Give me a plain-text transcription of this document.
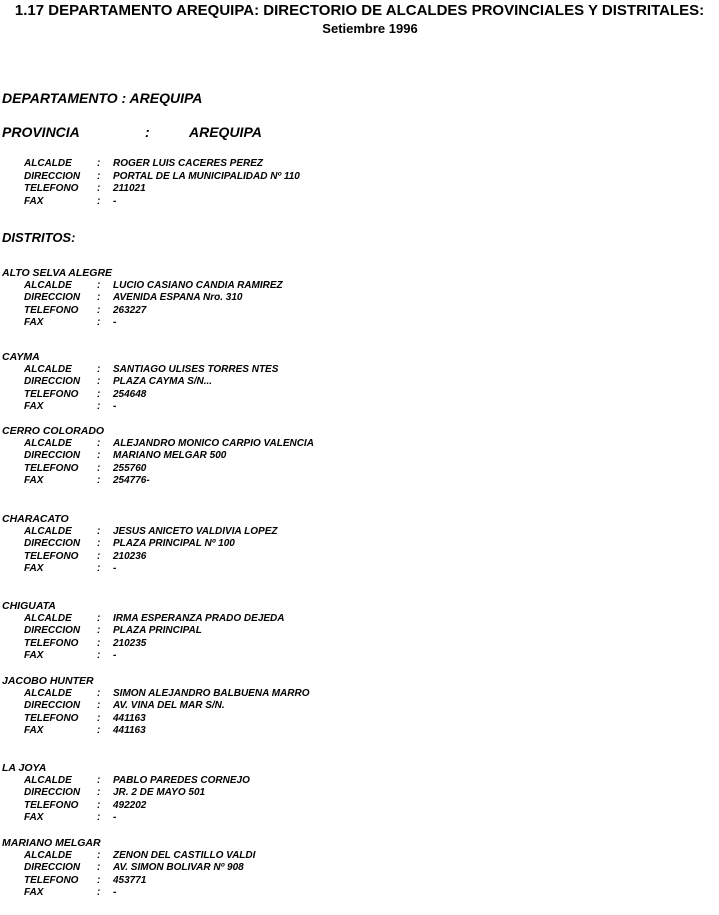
1.17 DEPARTAMENTO AREQUIPA: DIRECTORIO DE ALCALDES PROVINCIALES Y DISTRITALES:
Setiembre 1996
DEPARTAMENTO : AREQUIPA
PROVINCIA	:	AREQUIPA
ALCALDE	: ROGER LUIS CACERES PEREZ
DIRECCION : PORTAL DE LA MUNICIPALIDAD Nº 110
TELEFONO : 211021
FAX	: -
DISTRITOS:
ALTO SELVA ALEGRE
ALCALDE	: LUCIO CASIANO CANDIA RAMIREZ
DIRECCION : AVENIDA ESPANA Nro. 310
TELEFONO : 263227
FAX	: -
CAYMA
ALCALDE	: SANTIAGO ULISES TORRES NTES
DIRECCION : PLAZA CAYMA S/N...
TELEFONO : 254648
FAX	: -
CERRO COLORADO
ALCALDE	: ALEJANDRO MONICO CARPIO VALENCIA
DIRECCION : MARIANO MELGAR 500
TELEFONO : 255760
FAX	: 254776-
CHARACATO
ALCALDE	: JESUS ANICETO VALDIVIA LOPEZ
DIRECCION : PLAZA PRINCIPAL Nº 100
TELEFONO : 210236
FAX	: -
CHIGUATA
ALCALDE	: IRMA ESPERANZA PRADO DEJEDA
DIRECCION : PLAZA PRINCIPAL
TELEFONO : 210235
FAX	: -
JACOBO HUNTER
ALCALDE	: SIMON ALEJANDRO BALBUENA MARRO
DIRECCION : AV. VINA DEL MAR S/N.
TELEFONO : 441163
FAX	: 441163
LA JOYA
ALCALDE	: PABLO PAREDES CORNEJO
DIRECCION : JR. 2 DE MAYO 501
TELEFONO : 492202
FAX	: -
MARIANO MELGAR
ALCALDE	: ZENON DEL CASTILLO VALDI
DIRECCION : AV. SIMON BOLIVAR Nº 908
TELEFONO : 453771
FAX	: -
